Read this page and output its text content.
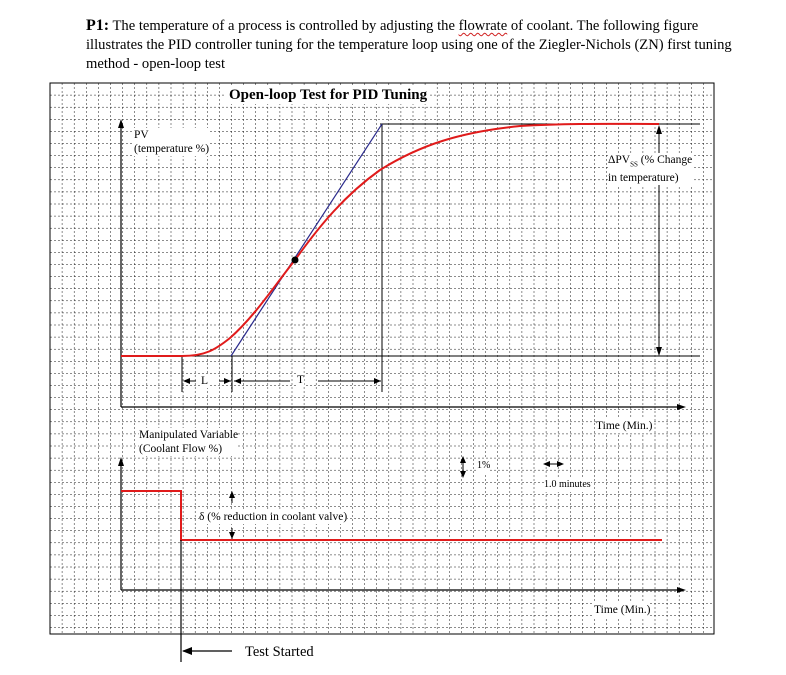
P1: The temperature of a process is controlled by adjusting the flowrate of coolant. The following figure illustrates the PID controller tuning for the temperature loop using one of the Ziegler-Nichols (ZN) first tuning method - open-loop test
Open-loop Test for PID Tuning
PV
(temperature %)
$\Delta PV_{SS}$ (% Change
in temperature)
L	T
Time (Min.)
Manipulated Variable
(Coolant Flow %)
1%
1.0 minutes
δ (% reduction in coolant valve)
Time (Min.)
Test Started
